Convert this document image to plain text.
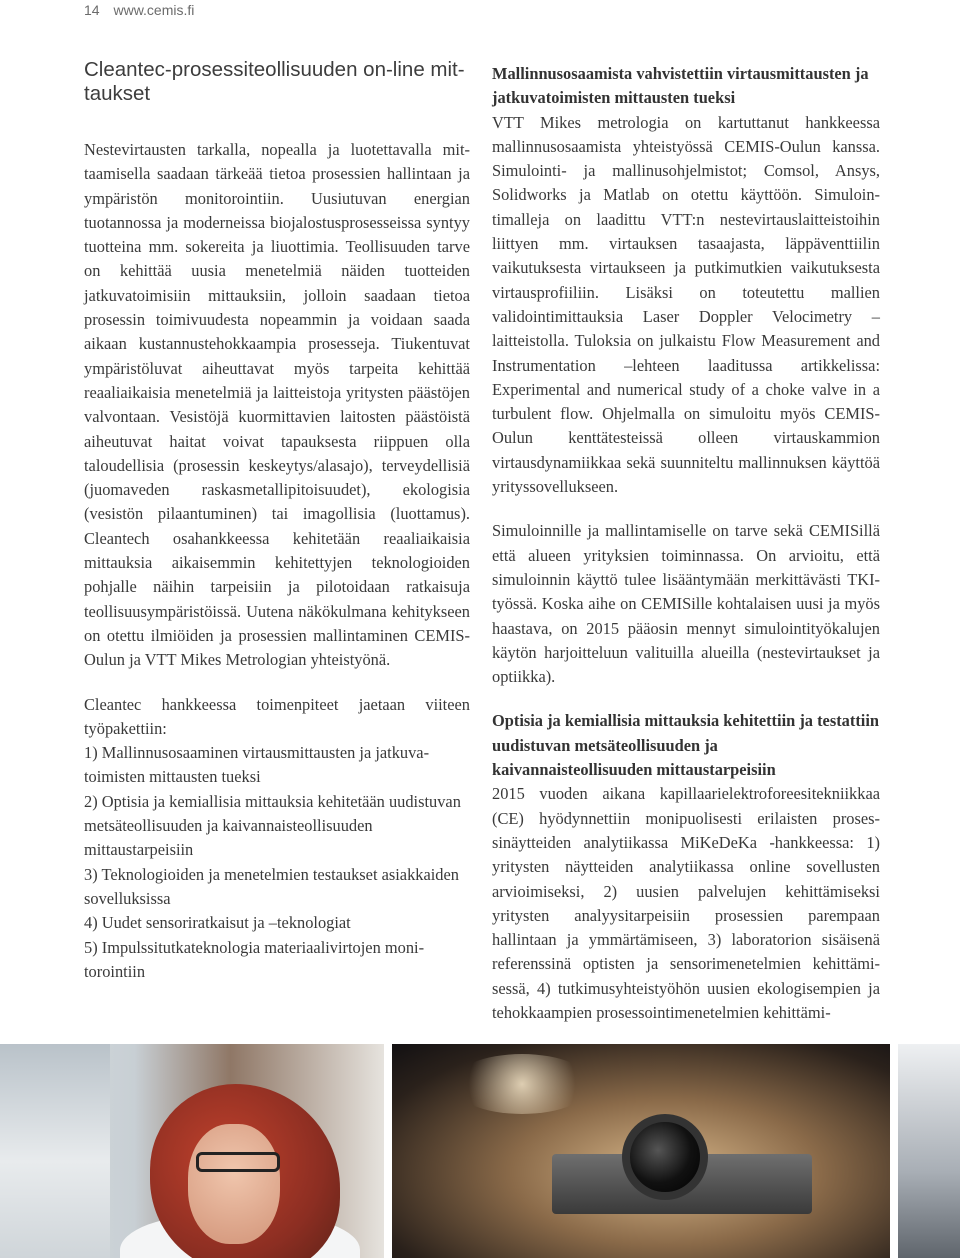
14 www.cemis.fi
Cleantec-prosessiteollisuuden on-line mittaukset

Nestevirtausten tarkalla, nopealla ja luotettavalla mittaamisella saadaan tärkeää tietoa prosessien hallintaan ja ympäristön monitorointiin. Uusiutuvan energian tuotannossa ja moderneissa biojalostusprosesseissa syntyy tuotteina mm. sokereita ja liuottimia. Teollisuuden tarve on kehittää uusia menetelmiä näiden tuotteiden jatkuvatoimisiin mittauksiin, jolloin saadaan tietoa prosessin toimivuudesta nopeammin ja voidaan saada aikaan kustannustehokkaampia prosesseja. Tiukentuvat ympäristöluvat aiheuttavat myös tarpeita kehittää reaaliaikaisia menetelmiä ja laitteistoja yritysten päästöjen valvontaan. Vesistöjä kuormittavien laitosten päästöistä aiheutuvat haitat voivat tapauksesta riippuen olla taloudellisia (prosessin keskeytys/alasajo), terveydellisiä (juomaveden raskasmetallipitoisuudet), ekologisia (vesistön pilaantuminen) tai imagollisia (luottamus). Cleantech osahankkeessa kehitetään reaaliaikaisia mittauksia aikaisemmin kehitettyjen teknologioiden pohjalle näihin tarpeisiin ja pilotoidaan ratkaisuja teollisuusympäristöissä. Uutena näkökulmana kehitykseen on otettu ilmiöiden ja prosessien mallintaminen CEMIS-Oulun ja VTT Mikes Metrologian yhteistyönä.

Cleantec hankkeessa toimenpiteet jaetaan viiteen työpakettiin:

1) Mallinnusosaaminen virtausmittausten ja jatkuvatoimisten mittausten tueksi
2) Optisia ja kemiallisia mittauksia kehitetään uudistuvan metsäteollisuuden ja kaivannaisteollisuuden mittaustarpeisiin
3) Teknologioiden ja menetelmien testaukset asiakkaiden sovelluksissa
4) Uudet sensoriratkaisut ja –teknologiat
5) Impulssitutkateknologia materiaalivirtojen monitorointiin
Mallinnusosaamista vahvistettiin virtausmittausten ja jatkuvatoimisten mittausten tueksi

VTT Mikes metrologia on kartuttanut hankkeessa mallinnusosaamista yhteistyössä CEMIS-Oulun kanssa. Simulointi- ja mallinusohjelmistot; Comsol, Ansys, Solidworks ja Matlab on otettu käyttöön. Simulointimalleja on laadittu VTT:n nestevirtauslaitteistoihin liittyen mm. virtauksen tasaajasta, läppäventtiilin vaikutuksesta virtaukseen ja putkimutkien vaikutuksesta virtausprofiiliin. Lisäksi on toteutettu mallien validointimittauksia Laser Doppler Velocimetry – laitteistolla. Tuloksia on julkaistu Flow Measurement and Instrumentation –lehteen laaditussa artikkelissa: Experimental and numerical study of a choke valve in a turbulent flow. Ohjelmalla on simuloitu myös CEMIS-Oulun kenttätesteissä olleen virtauskammion virtausdynamiikkaa sekä suunniteltu mallinnuksen käyttöä yrityssovellukseen.

Simuloinnille ja mallintamiselle on tarve sekä CEMISillä että alueen yrityksien toiminnassa. On arvioitu, että simuloinnin käyttö tulee lisääntymään merkittävästi TKI-työssä. Koska aihe on CEMISille kohtalaisen uusi ja myös haastava, on 2015 pääosin mennyt simulointityökalujen käytön harjoitteluun valituilla alueilla (nestevirtaukset ja optiikka).

Optisia ja kemiallisia mittauksia kehitettiin ja testattiin uudistuvan metsäteollisuuden ja kaivannaisteollisuuden mittaustarpeisiin

2015 vuoden aikana kapillaarielektroforeesitekniikkaa (CE) hyödynnettiin monipuolisesti erilaisten prosessinäytteiden analytiikassa MiKeDeKa -hankkeessa: 1) yritysten näytteiden analytiikassa online sovellusten arvioimiseksi, 2) uusien palvelujen kehittämiseksi yritysten analyysitarpeisiin prosessien parempaan hallintaan ja ymmärtämiseen, 3) laboratorion sisäisenä referenssinä optisten ja sensorimenetelmien kehittämisessä, 4) tutkimusyhteistyöhön uusien ekologisempien ja tehokkaampien prosessointimenetelmien kehittämi-
